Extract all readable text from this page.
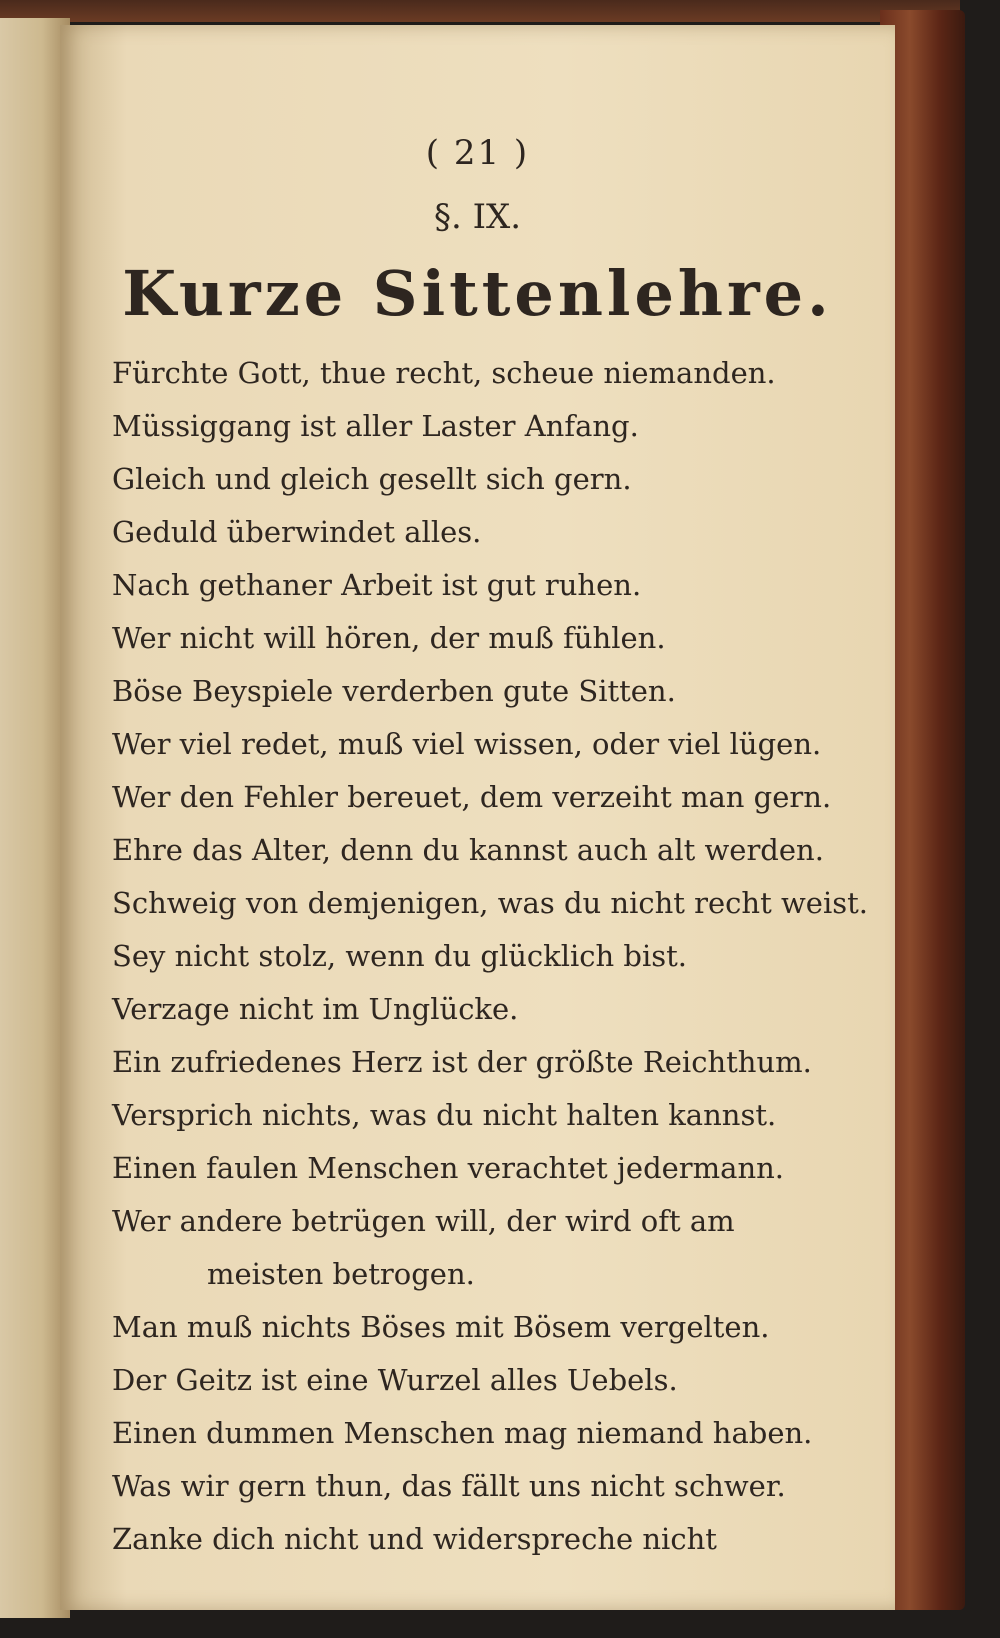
( 21 )
§. IX.
Kurze Sittenlehre.
Fürchte Gott, thue recht, scheue niemanden.
Müssiggang ist aller Laster Anfang.
Gleich und gleich gesellt sich gern.
Geduld überwindet alles.
Nach gethaner Arbeit ist gut ruhen.
Wer nicht will hören, der muß fühlen.
Böse Beyspiele verderben gute Sitten.
Wer viel redet, muß viel wissen, oder viel lügen.
Wer den Fehler bereuet, dem verzeiht man gern.
Ehre das Alter, denn du kannst auch alt werden.
Schweig von demjenigen, was du nicht recht weist.
Sey nicht stolz, wenn du glücklich bist.
Verzage nicht im Unglücke.
Ein zufriedenes Herz ist der größte Reichthum.
Versprich nichts, was du nicht halten kannst.
Einen faulen Menschen verachtet jedermann.
Wer andere betrügen will, der wird oft am
meisten betrogen.
Man muß nichts Böses mit Bösem vergelten.
Der Geitz ist eine Wurzel alles Uebels.
Einen dummen Menschen mag niemand haben.
Was wir gern thun, das fällt uns nicht schwer.
Zanke dich nicht und widerspreche nicht
